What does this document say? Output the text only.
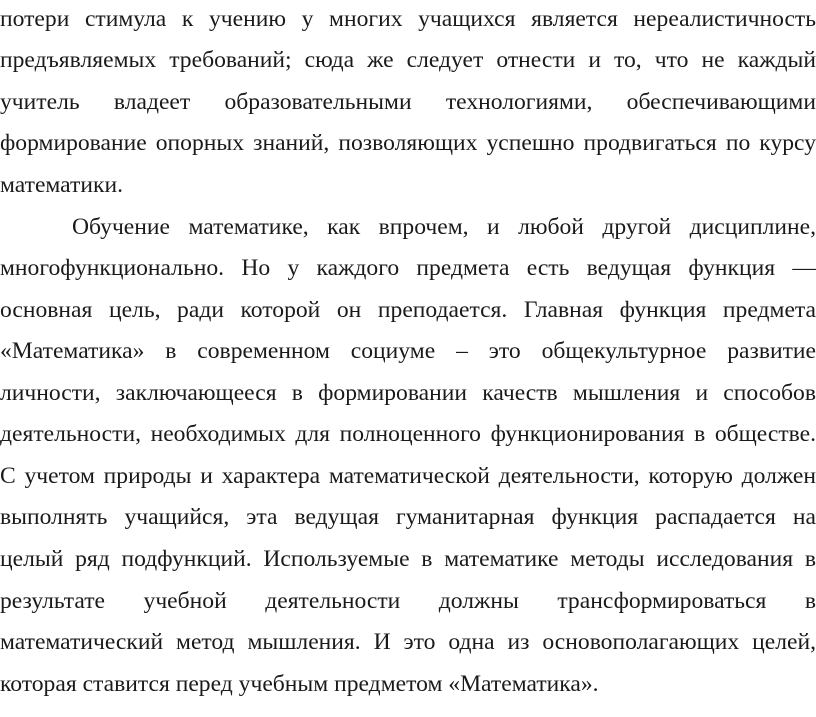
потери стимула к учению у многих учащихся является нереалистичность
предъявляемых требований; сюда же следует отнести и то, что не каждый
учитель владеет образовательными технологиями, обеспечивающими
формирование опорных знаний, позволяющих успешно продвигаться по курсу
математики.
Обучение математике, как впрочем, и любой другой дисциплине,
многофункционально. Но у каждого предмета есть ведущая функция —
основная цель, ради которой он преподается. Главная функция предмета
«Математика» в современном социуме – это общекультурное развитие
личности, заключающееся в формировании качеств мышления и способов
деятельности, необходимых для полноценного функционирования в обществе.
С учетом природы и характера математической деятельности, которую должен
выполнять учащийся, эта ведущая гуманитарная функция распадается на
целый ряд подфункций. Используемые в математике методы исследования в
результате учебной деятельности должны трансформироваться в
математический метод мышления. И это одна из основополагающих целей,
которая ставится перед учебным предметом «Математика».
